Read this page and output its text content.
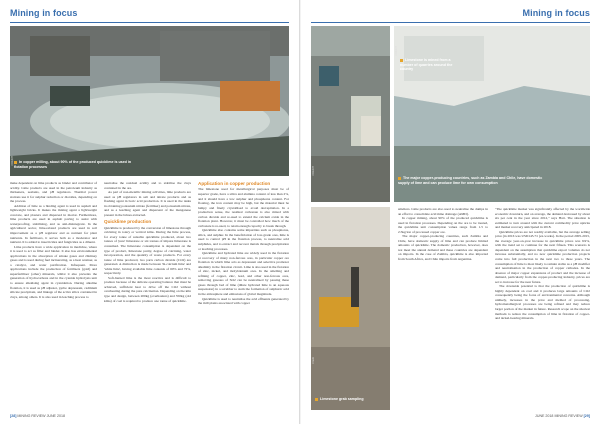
Mining in focus
In copper milling, about 90% of the produced quicklime is used in flotation processes
CREDIT

make dependent on lime products as binder and contributor of acidity. Lime products are used in the petroleum industry as thickeners, sealants, and pH regulators. Thermal power stations use it for sulphur reduction or dioxides, depending on the process.

Addition of lime as a binding agent is used in asphalt and lightweight bricks. It makes the mixing agent a lightweight concrete, and plasters and dispersed in mortar. Furthermore, lime products are used in asphalt paving to assist with waterproofing, stabilising, and as anti-disintegrant. In the agricultural sector, lime-related products are used in soil improvement as a pH regulator and as nutrient for plant nutrients. In fertilisers, it serves both as a moderator and nutrient. It is added to insecticides and fungicides as a diluent.

Lime products have a wide application in medicine, where it is used to act as filler and binder. It also has environmental applications in the absorption of smoke gases and chimney gases and is used during fuel incinerating, as a heat retainer, as a catalyst, and water purification. Infrequent. More applications include the production of fertilisers (gold) and superfertiliser (other) minerals, whilst it also prevents the generation of hydrocarbons and in the cyanide hydrolysis unit to ensure alkalising agent in cyanidation. During alkaline flotation, it is used as pH adjuster, pyrite depressant, cadmium silicate precipitant, and linkage of the active silica contained in clays, among others. It is also used in leaching process to

neutralise the residual acidity and to stabilise the clays contained in the ore.

As part of non-metallic mining activities, lime products are used as pH regulators in salt and nitrate products and as flashing agent in boric acid production. It is used in the tanks in obtaining potassium nitrate (fertiliser) and potassium nitrate, and as a leaching agent and dispersant of the manganese present in the brines extracted.

Quicklime production

Quicklime is produced by the conversion of limestone through calcining in rotary or vertical kilns. During the lime process, for every tonne of saleable quicklime produced, about two tonnes of 'pure' limestone or six tonnes of impure limestone is consumed. The limestone consumption is dependent on the type of product, limestone purity, degree of calcining, water incorporation, and the quantity of waste products. For every tonne of lime produced, two parts carbon dioxide (CO2) are generated. A distinction is made between 'hi-calcium lime' and 'white lime', having available lime contents of 60% and 72%, respectively.

Soft-burned lime is the most reactive and is difficult to produce because of the delicate operating balance that must be achieved, sufficient heat to drive off the CO2 without overheating during the pure calcination. Depending on the kiln type and design, between 200kg (overhaulers) and 350kg (old kilns) of coal is required to produce one tonne of quicklime.

Application in copper production

The limestone used for metallurgical purposes must be of superior grade, have a silica and alumina content of less than 2%, and it should have a low sulphur and phosphorus content. For floating, the iron content may be high, but the material must be lumpy and finely crystallised to avoid decrepitation. In a production sense, the residual carbonate is also mixed with carbon dioxide and re-used to extend the calcium oxide in the flotation plant. However, it must be controlled how much of the carbonate is re-used, to retain enough capacity to break through.

Quicklime also contains some impurities such as phosphorus, silica, and sulphur. In the beneficiation of low-grade ores, lime is used to control pH in the flotation process, to neutralise acid sulphides, and to extract and recover metals through precipitation or leaching processes.

Quicklime and hydrated lime are widely used in the flotation or recovery of many non-ferrous ores, in particular copper ore flotation in which lime acts as depressant and selective promoter alkalinity in the flotation circuit. Lime is also used in the flotation of zinc, nickel, and molybdenum ores. In the smelting and refining of copper, zinc, lead, and other non-ferrous ores, removing gaseous of SO2 can be neutralised by passing these gases through bed of lime (dilute hydrated lime is an aqueous suspension) in a scrubber to stem the formation of sulphuric acid in the atmosphere and emissions of global magnitude.

Quicklime is used to neutralise the acid effluents generated by the mill plants associated with copper

[28] MINING REVIEW JUNE 2018
Mining in focus
CREDIT
Limestone is mined from a number of quarries around the country
The major copper-producing countries, such as Zambia and Chile, have domestic supply of lime and can produce lime for own consumption
CREDIT
Limestone grab sampling
Credit

smelters. Lime products are also used to neutralise the dumps in an effort to consolidate acid mine drainage (AMD).

In copper mining, about 90% of the produced quicklime is used in flotation processes. Depending on the ore to be treated, the quicklime unit consumption values range from 1.5 to 2.5kg/ton of processed copper ore.

The major copper-producing countries, such Zambia and Chile, have domestic supply of lime and can produce limited amounts of quicklime. The domestic production, however, does not meet the annual demand and these countries are dependent on imports. In the case of Zambia, quicklime is also imported from South Africa, and Chile imports from Argentina.

"The quicklime market was significantly affected by the worldwide economic downturn, and on average, the demand decreased by about six per cent in the year since 2012," says Hart. The situation is estimated to turn around with the current commodity price upticks and market recovery anticipated in 2018.

Quicklime prices are not readily available, but the average selling price (in 2016 was USD145.7/t (ex-works). In the period 2005-2015, the average year-on-year increase in quicklime prices was 9.9%, with the trend set to continue for the next fifteen. This scenario is dependent on the assumption that quicklime export volumes do not increase substantially, and no new quicklime production projects come into full production in the next two to three years. The consumption of lime is most likely to remain stable as a pH modifier and neutralisation in the production of copper cathodes. In the absence of major copper expansions of product and the increase of demand, particularly from the copper-producing industry, prices are set to increase for the near future.

The downside potential is that the production of quicklime is highly dependent on coal and it produces large amounts of CO2 consequently being the focus of environmental concerns. Although unlikely, increases in the price and method of processing, hydrometallurgical processes are being refined and may reduce larger portion of the market in future. Research scope on the shortest methods to reduce the consumption of lime in flotation of copper- and nickel-bearing minerals.

JUNE 2018 MINING REVIEW [29]
